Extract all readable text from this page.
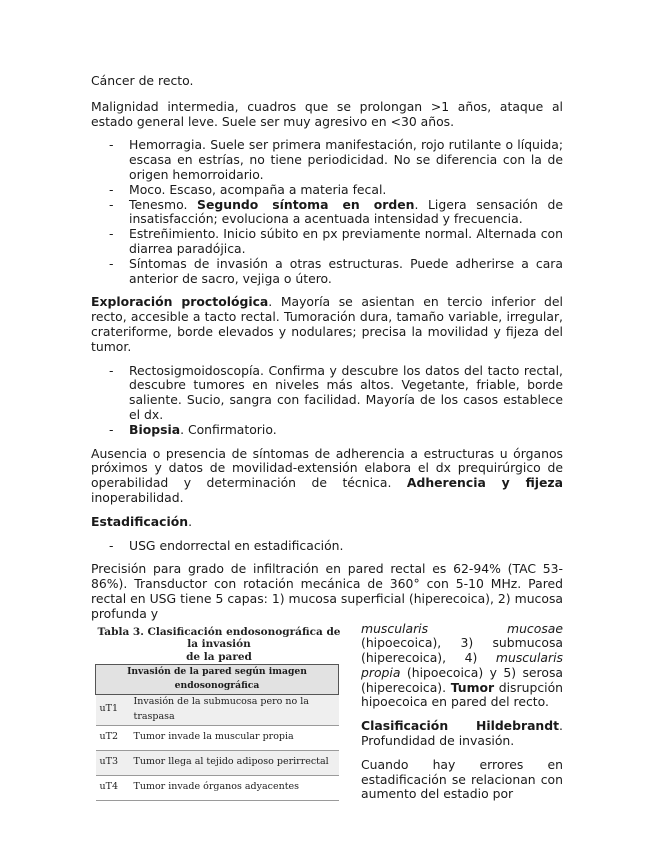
Cáncer de recto.

Malignidad intermedia, cuadros que se prolongan >1 años, ataque al estado general leve. Suele ser muy agresivo en <30 años.

- Hemorragia. Suele ser primera manifestación, rojo rutilante o líquida; escasa en estrías, no tiene periodicidad. No se diferencia con la de origen hemorroidario.
- Moco. Escaso, acompaña a materia fecal.
- Tenesmo. Segundo síntoma en orden. Ligera sensación de insatisfacción; evoluciona a acentuada intensidad y frecuencia.
- Estreñimiento. Inicio súbito en px previamente normal. Alternada con diarrea paradójica.
- Síntomas de invasión a otras estructuras. Puede adherirse a cara anterior de sacro, vejiga o útero.

Exploración proctológica. Mayoría se asientan en tercio inferior del recto, accesible a tacto rectal. Tumoración dura, tamaño variable, irregular, crateriforme, borde elevados y nodulares; precisa la movilidad y fijeza del tumor.

- Rectosigmoidoscopía. Confirma y descubre los datos del tacto rectal, descubre tumores en niveles más altos. Vegetante, friable, borde saliente. Sucio, sangra con facilidad. Mayoría de los casos establece el dx.
- Biopsia. Confirmatorio.

Ausencia o presencia de síntomas de adherencia a estructuras u órganos próximos y datos de movilidad-extensión elabora el dx prequirúrgico de operabilidad y determinación de técnica. Adherencia y fijeza inoperabilidad.

Estadificación.

- USG endorrectal en estadificación.

Precisión para grado de infiltración en pared rectal es 62-94% (TAC 53-86%). Transductor con rotación mecánica de 360° con 5-10 MHz. Pared rectal en USG tiene 5 capas: 1) mucosa superficial (hiperecoica), 2) mucosa profunda y

Tabla 3. Clasificación endosonográfica de la invasión
de la pared
Invasión de la pared según imagen endosonográfica	
uT1	Invasión de la submucosa pero no la traspasa
uT2	Tumor invade la muscular propia
uT3	Tumor llega al tejido adiposo perirrectal
uT4	Tumor invade órganos adyacentes

muscularis mucosae (hipoecoica), 3) submucosa (hiperecoica), 4) muscularis propia (hipoecoica) y 5) serosa (hiperecoica). Tumor disrupción hipoecoica en pared del recto.

Clasificación Hildebrandt. Profundidad de invasión.

Cuando hay errores en estadificación se relacionan con aumento del estadio por
